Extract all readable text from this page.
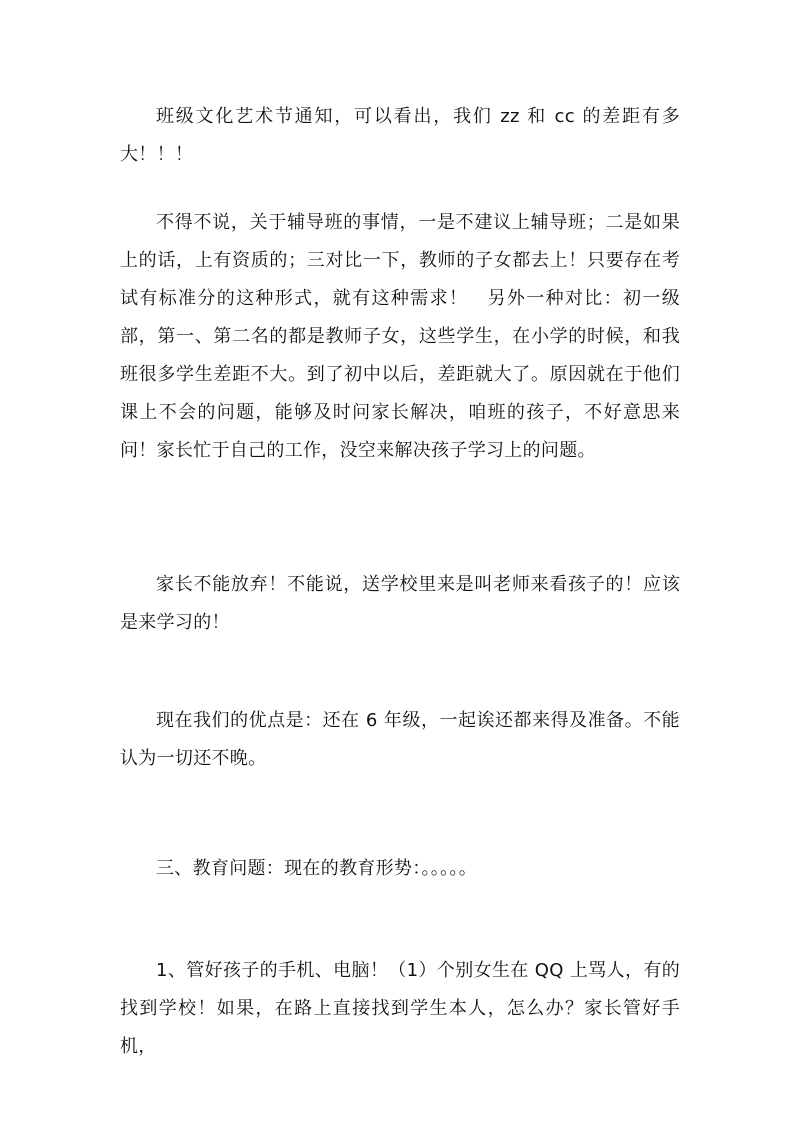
班级文化艺术节通知，可以看出，我们 zz 和 cc 的差距有多大！！！

不得不说，关于辅导班的事情，一是不建议上辅导班；二是如果上的话，上有资质的；三对比一下，教师的子女都去上！只要存在考试有标准分的这种形式，就有这种需求！　另外一种对比：初一级部，第一、第二名的都是教师子女，这些学生，在小学的时候，和我班很多学生差距不大。到了初中以后，差距就大了。原因就在于他们课上不会的问题，能够及时问家长解决，咱班的孩子，不好意思来问！家长忙于自己的工作，没空来解决孩子学习上的问题。

家长不能放弃！不能说，送学校里来是叫老师来看孩子的！应该是来学习的！

现在我们的优点是：还在 6 年级，一起诶还都来得及准备。不能认为一切还不晚。

三、教育问题：现在的教育形势：。。。。。

1、管好孩子的手机、电脑！（1）个别女生在 QQ 上骂人，有的找到学校！如果，在路上直接找到学生本人，怎么办？家长管好手机，
